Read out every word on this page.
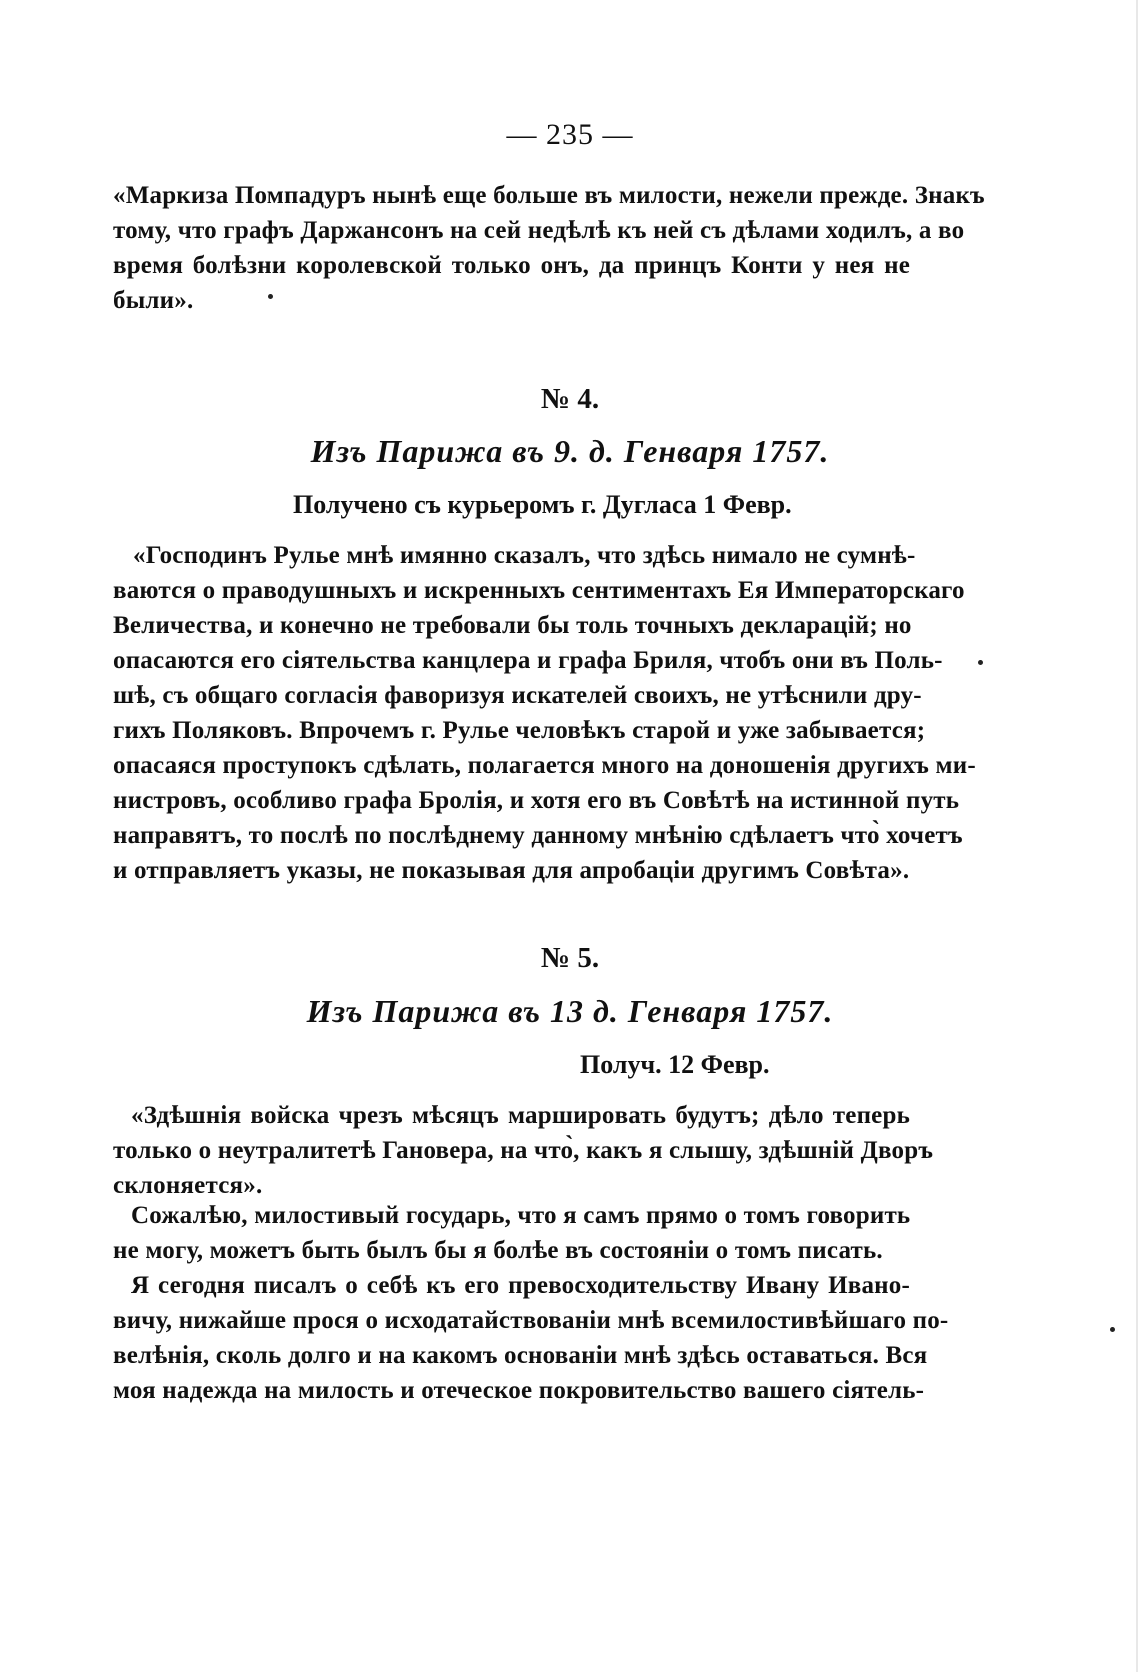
— 235 —
«Маркиза Помпадуръ нынѣ еще больше въ милости, нежели прежде. Знакъ
тому, что графъ Даржансонъ на сей недѣлѣ къ ней съ дѣлами ходилъ, а во
время болѣзни королевской только онъ, да принцъ Конти у нея не
были».
№ 4.
Изъ Парижа въ 9. д. Генваря 1757.
Получено съ курьеромъ г. Дугласа 1 Февр.
«Господинъ Рулье мнѣ имянно сказалъ, что здѣсь нимало не сумнѣ-
ваются о праводушныхъ и искренныхъ сентиментахъ Ея Императорскаго
Величества, и конечно не требовали бы толь точныхъ декларацій; но
опасаются его сіятельства канцлера и графа Бриля, чтобъ они въ Поль-
шѣ, съ общаго согласія фаворизуя искателей своихъ, не утѣснили дру-
гихъ Поляковъ. Впрочемъ г. Рулье человѣкъ старой и уже забывается;
опасаяся проступокъ сдѣлать, полагается много на доношенія другихъ ми-
нистровъ, особливо графа Бролія, и хотя его въ Совѣтѣ на истинной путь
направятъ, то послѣ по послѣднему данному мнѣнію сдѣлаетъ что̀ хочетъ
и отправляетъ указы, не показывая для апробаціи другимъ Совѣта».
№ 5.
Изъ Парижа въ 13 д. Генваря 1757.
Получ. 12 Февр.
«Здѣшнія войска чрезъ мѣсяцъ марширoвать будутъ; дѣло теперь
только о неутралитетѣ Гановера, на что̀, какъ я слышу, здѣшній Дворъ
склоняется».
Сожалѣю, милостивый государь, что я самъ прямо о томъ говорить
не могу, можетъ быть былъ бы я болѣе въ состояніи о томъ писать.
Я сегодня писалъ о себѣ къ его превосходительству Ивану Ивано-
вичу, нижайше прося о исходатайствованіи мнѣ всемилостивѣйшаго по-
велѣнія, сколь долго и на какомъ основаніи мнѣ здѣсь оставаться. Вся
моя надежда на милость и отеческое покровительство вашего сіятель-
